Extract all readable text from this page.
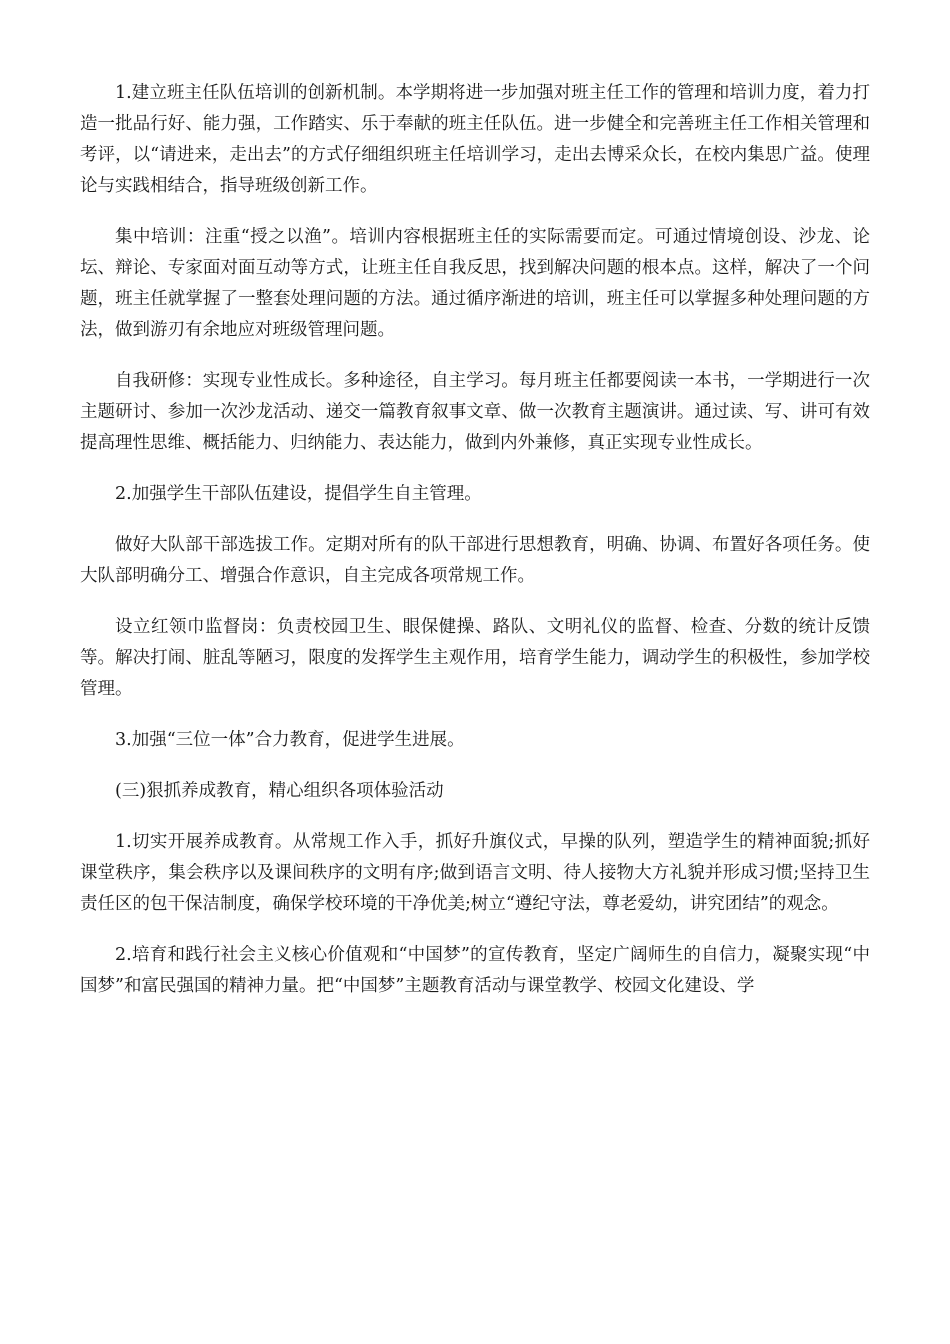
1.建立班主任队伍培训的创新机制。本学期将进一步加强对班主任工作的管理和培训力度，着力打造一批品行好、能力强，工作踏实、乐于奉献的班主任队伍。进一步健全和完善班主任工作相关管理和考评，以“请进来，走出去”的方式仔细组织班主任培训学习，走出去博采众长，在校内集思广益。使理论与实践相结合，指导班级创新工作。

集中培训：注重“授之以渔”。培训内容根据班主任的实际需要而定。可通过情境创设、沙龙、论坛、辩论、专家面对面互动等方式，让班主任自我反思，找到解决问题的根本点。这样，解决了一个问题，班主任就掌握了一整套处理问题的方法。通过循序渐进的培训，班主任可以掌握多种处理问题的方法，做到游刃有余地应对班级管理问题。

自我研修：实现专业性成长。多种途径，自主学习。每月班主任都要阅读一本书，一学期进行一次主题研讨、参加一次沙龙活动、递交一篇教育叙事文章、做一次教育主题演讲。通过读、写、讲可有效提高理性思维、概括能力、归纳能力、表达能力，做到内外兼修，真正实现专业性成长。

2.加强学生干部队伍建设，提倡学生自主管理。

做好大队部干部选拔工作。定期对所有的队干部进行思想教育，明确、协调、布置好各项任务。使大队部明确分工、增强合作意识，自主完成各项常规工作。

设立红领巾监督岗：负责校园卫生、眼保健操、路队、文明礼仪的监督、检查、分数的统计反馈等。解决打闹、脏乱等陋习，限度的发挥学生主观作用，培育学生能力，调动学生的积极性，参加学校管理。

3.加强“三位一体”合力教育，促进学生进展。

(三)狠抓养成教育，精心组织各项体验活动

1.切实开展养成教育。从常规工作入手，抓好升旗仪式，早操的队列，塑造学生的精神面貌;抓好课堂秩序，集会秩序以及课间秩序的文明有序;做到语言文明、待人接物大方礼貌并形成习惯;坚持卫生责任区的包干保洁制度，确保学校环境的干净优美;树立“遵纪守法，尊老爱幼，讲究团结”的观念。

2.培育和践行社会主义核心价值观和“中国梦”的宣传教育，坚定广阔师生的自信力，凝聚实现“中国梦”和富民强国的精神力量。把“中国梦”主题教育活动与课堂教学、校园文化建设、学
